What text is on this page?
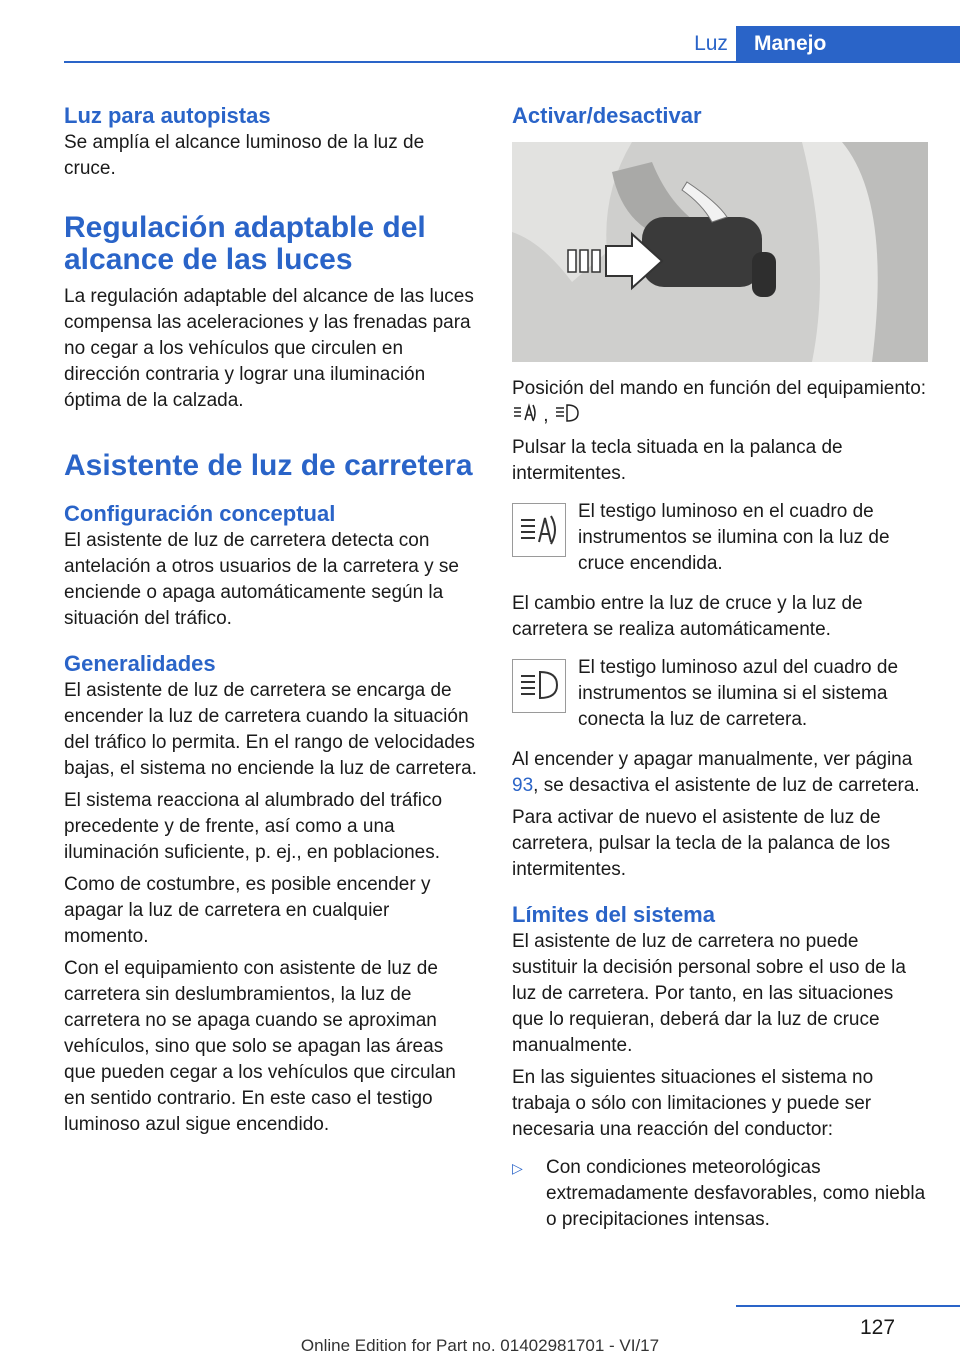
Luz	Manejo
Luz para autopistas

Se amplía el alcance luminoso de la luz de cruce.

Regulación adaptable del alcance de las luces

La regulación adaptable del alcance de las luces compensa las aceleraciones y las frenadas para no cegar a los vehículos que circulen en dirección contraria y lograr una iluminación óptima de la calzada.

Asistente de luz de carretera
Configuración conceptual

El asistente de luz de carretera detecta con antelación a otros usuarios de la carretera y se enciende o apaga automáticamente según la situación del tráfico.

Generalidades

El asistente de luz de carretera se encarga de encender la luz de carretera cuando la situación del tráfico lo permita. En el rango de velocidades bajas, el sistema no enciende la luz de carretera.

El sistema reacciona al alumbrado del tráfico precedente y de frente, así como a una iluminación suficiente, p. ej., en poblaciones.

Como de costumbre, es posible encender y apagar la luz de carretera en cualquier momento.

Con el equipamiento con asistente de luz de carretera sin deslumbramientos, la luz de carretera no se apaga cuando se aproximan vehículos, sino que solo se apagan las áreas que pueden cegar a los vehículos que circulan en sentido contrario. En este caso el testigo luminoso azul sigue encendido.

Activar/desactivar

Posición del mando en función del equipamiento:  ,

Pulsar la tecla situada en la palanca de intermitentes.

El testigo luminoso en el cuadro de instrumentos se ilumina con la luz de cruce encendida.

El cambio entre la luz de cruce y la luz de carretera se realiza automáticamente.

El testigo luminoso azul del cuadro de instrumentos se ilumina si el sistema conecta la luz de carretera.

Al encender y apagar manualmente, ver página 93, se desactiva el asistente de luz de carretera.

Para activar de nuevo el asistente de luz de carretera, pulsar la tecla de la palanca de los intermitentes.

Límites del sistema

El asistente de luz de carretera no puede sustituir la decisión personal sobre el uso de la luz de carretera. Por tanto, en las situaciones que lo requieran, deberá dar la luz de cruce manualmente.

En las siguientes situaciones el sistema no trabaja o sólo con limitaciones y puede ser necesaria una reacción del conductor:

▷	Con condiciones meteorológicas extremadamente desfavorables, como niebla o precipitaciones intensas.
127
Online Edition for Part no. 01402981701 - VI/17
